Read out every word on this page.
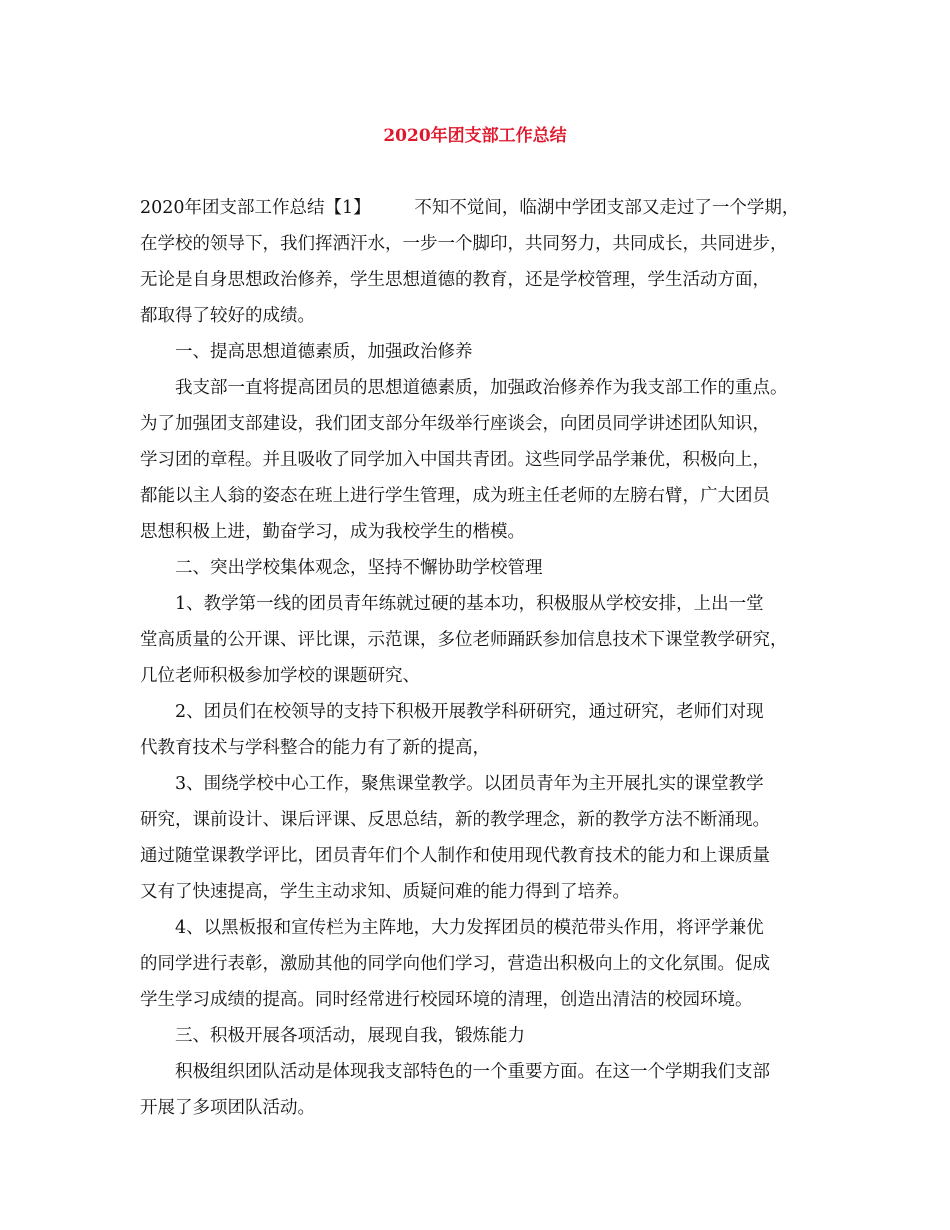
2020年团支部工作总结
2020年团支部工作总结【1】　　　不知不觉间，临湖中学团支部又走过了一个学期，
在学校的领导下，我们挥洒汗水，一步一个脚印，共同努力，共同成长，共同进步，
无论是自身思想政治修养，学生思想道德的教育，还是学校管理，学生活动方面，
都取得了较好的成绩。
　　一、提高思想道德素质，加强政治修养
　　我支部一直将提高团员的思想道德素质，加强政治修养作为我支部工作的重点。
为了加强团支部建设，我们团支部分年级举行座谈会，向团员同学讲述团队知识，
学习团的章程。并且吸收了同学加入中国共青团。这些同学品学兼优，积极向上，
都能以主人翁的姿态在班上进行学生管理，成为班主任老师的左膀右臂，广大团员
思想积极上进，勤奋学习，成为我校学生的楷模。
　　二、突出学校集体观念，坚持不懈协助学校管理
　　1、教学第一线的团员青年练就过硬的基本功，积极服从学校安排，上出一堂
堂高质量的公开课、评比课，示范课，多位老师踊跃参加信息技术下课堂教学研究，
几位老师积极参加学校的课题研究、
　　2、团员们在校领导的支持下积极开展教学科研研究，通过研究，老师们对现
代教育技术与学科整合的能力有了新的提高，
　　3、围绕学校中心工作，聚焦课堂教学。以团员青年为主开展扎实的课堂教学
研究，课前设计、课后评课、反思总结，新的教学理念，新的教学方法不断涌现。
通过随堂课教学评比，团员青年们个人制作和使用现代教育技术的能力和上课质量
又有了快速提高，学生主动求知、质疑问难的能力得到了培养。
　　4、以黑板报和宣传栏为主阵地，大力发挥团员的模范带头作用，将评学兼优
的同学进行表彰，激励其他的同学向他们学习，营造出积极向上的文化氛围。促成
学生学习成绩的提高。同时经常进行校园环境的清理，创造出清洁的校园环境。
　　三、积极开展各项活动，展现自我，锻炼能力
　　积极组织团队活动是体现我支部特色的一个重要方面。在这一个学期我们支部
开展了多项团队活动。
